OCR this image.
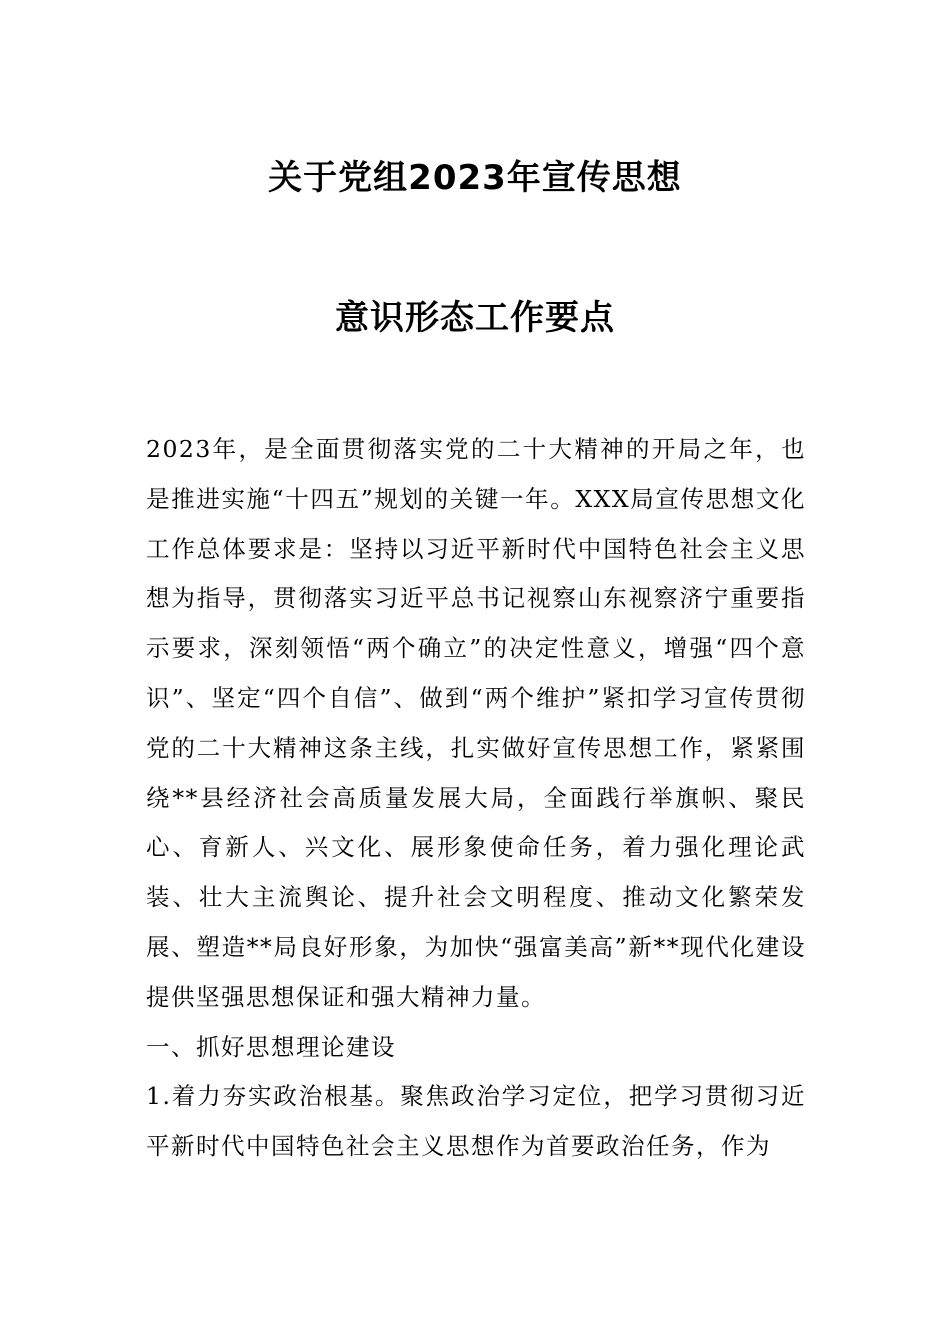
关于党组2023年宣传思想
意识形态工作要点

2023年，是全面贯彻落实党的二十大精神的开局之年，也是推进实施“十四五”规划的关键一年。XXX局宣传思想文化工作总体要求是：坚持以习近平新时代中国特色社会主义思想为指导，贯彻落实习近平总书记视察山东视察济宁重要指示要求，深刻领悟“两个确立”的决定性意义，增强“四个意识”、坚定“四个自信”、做到“两个维护”紧扣学习宣传贯彻党的二十大精神这条主线，扎实做好宣传思想工作，紧紧围绕**县经济社会高质量发展大局，全面践行举旗帜、聚民心、育新人、兴文化、展形象使命任务，着力强化理论武装、壮大主流舆论、提升社会文明程度、推动文化繁荣发展、塑造**局良好形象，为加快“强富美高”新**现代化建设提供坚强思想保证和强大精神力量。

一、抓好思想理论建设

1.着力夯实政治根基。聚焦政治学习定位，把学习贯彻习近平新时代中国特色社会主义思想作为首要政治任务，作为
